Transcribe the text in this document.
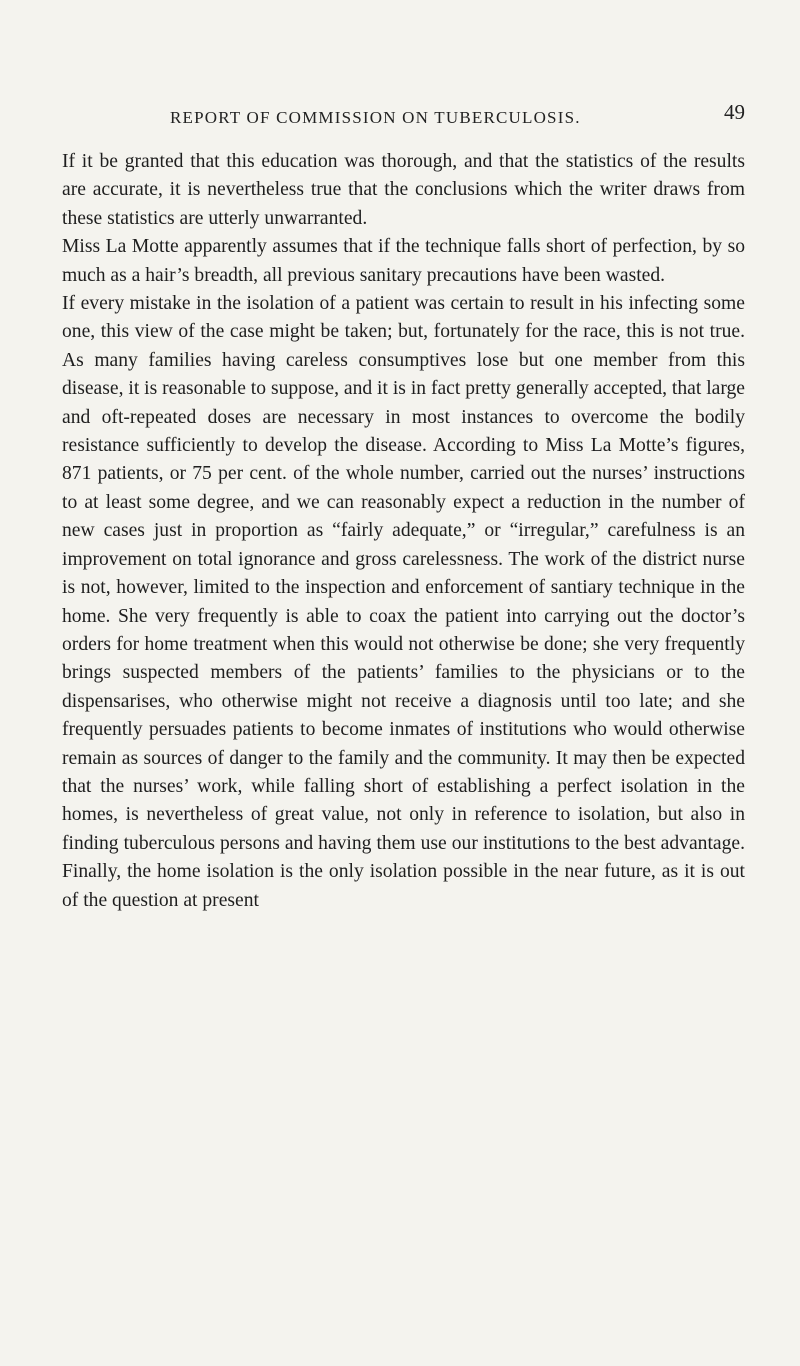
REPORT OF COMMISSION ON TUBERCULOSIS.	49

If it be granted that this education was thorough, and that the statistics of the results are accurate, it is nevertheless true that the conclusions which the writer draws from these statistics are utterly unwarranted.

Miss La Motte apparently assumes that if the technique falls short of perfection, by so much as a hair’s breadth, all previous sanitary precautions have been wasted.

If every mistake in the isolation of a patient was certain to result in his infecting some one, this view of the case might be taken; but, fortunately for the race, this is not true. As many families having careless consumptives lose but one member from this disease, it is reasonable to suppose, and it is in fact pretty generally accepted, that large and oft-repeated doses are necessary in most instances to overcome the bodily resistance sufficiently to develop the disease. According to Miss La Motte’s figures, 871 patients, or 75 per cent. of the whole number, carried out the nurses’ instructions to at least some degree, and we can reasonably expect a reduction in the number of new cases just in proportion as “fairly adequate,” or “irregular,” carefulness is an improvement on total ignorance and gross carelessness. The work of the district nurse is not, however, limited to the inspection and enforcement of santiary technique in the home. She very frequently is able to coax the patient into carrying out the doctor’s orders for home treatment when this would not otherwise be done; she very frequently brings suspected members of the patients’ families to the physicians or to the dispensarises, who otherwise might not receive a diagnosis until too late; and she frequently persuades patients to become inmates of institutions who would otherwise remain as sources of danger to the family and the community. It may then be expected that the nurses’ work, while falling short of establishing a perfect isolation in the homes, is nevertheless of great value, not only in reference to isolation, but also in finding tuberculous persons and having them use our institutions to the best advantage. Finally, the home isolation is the only isolation possible in the near future, as it is out of the question at present
